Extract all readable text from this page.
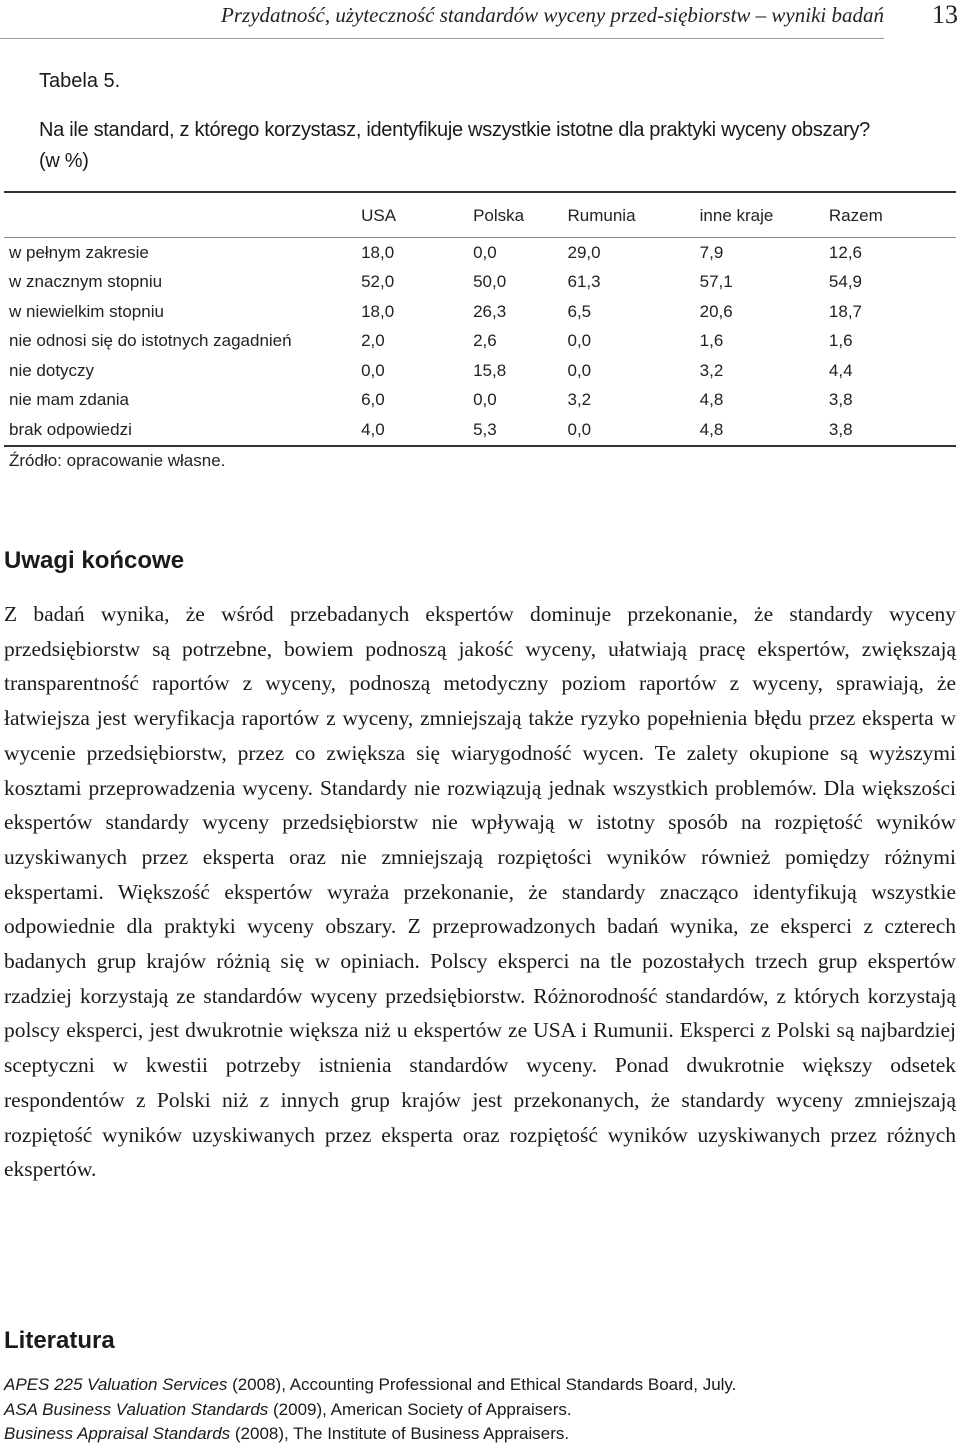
Przydatność, użyteczność standardów wyceny przed-siębiorstw – wyniki badań 13
Tabela 5.
Na ile standard, z którego korzystasz, identyfikuje wszystkie istotne dla praktyki wyceny obszary?
(w %)
	USA	Polska	Rumunia	inne kraje	Razem
w pełnym zakresie	18,0	0,0	29,0	7,9	12,6
w znacznym stopniu	52,0	50,0	61,3	57,1	54,9
w niewielkim stopniu	18,0	26,3	6,5	20,6	18,7
nie odnosi się do istotnych zagadnień	2,0	2,6	0,0	1,6	1,6
nie dotyczy	0,0	15,8	0,0	3,2	4,4
nie mam zdania	6,0	0,0	3,2	4,8	3,8
brak odpowiedzi	4,0	5,3	0,0	4,8	3,8
Źródło: opracowanie własne.
Uwagi końcowe

Z badań wynika, że wśród przebadanych ekspertów dominuje przekonanie, że standardy wyceny przedsiębiorstw są potrzebne, bowiem podnoszą jakość wyceny, ułatwiają pracę ekspertów, zwiększają transparentność raportów z wyceny, podnoszą metodyczny poziom raportów z wyceny, sprawiają, że łatwiejsza jest weryfikacja raportów z wyceny, zmniejszają także ryzyko popełnienia błędu przez eksperta w wycenie przedsiębiorstw, przez co zwiększa się wiarygodność wycen. Te zalety okupione są wyższymi kosztami przeprowadzenia wyceny. Standardy nie rozwiązują jednak wszystkich problemów. Dla większości ekspertów standardy wyceny przedsiębiorstw nie wpływają w istotny sposób na rozpiętość wyników uzyskiwanych przez eksperta oraz nie zmniejszają rozpiętości wyników również pomiędzy różnymi ekspertami. Większość ekspertów wyraża przekonanie, że standardy znacząco identyfikują wszystkie odpowiednie dla praktyki wyceny obszary. Z przeprowadzonych badań wynika, ze eksperci z czterech badanych grup krajów różnią się w opiniach. Polscy eksperci na tle pozostałych trzech grup ekspertów rzadziej korzystają ze standardów wyceny przedsiębiorstw. Różnorodność standardów, z których korzystają polscy eksperci, jest dwukrotnie większa niż u ekspertów ze USA i Rumunii. Eksperci z Polski są najbardziej sceptyczni w kwestii potrzeby istnienia standardów wyceny. Ponad dwukrotnie większy odsetek respondentów z Polski niż z innych grup krajów jest przekonanych, że standardy wyceny zmniejszają rozpiętość wyników uzyskiwanych przez eksperta oraz rozpiętość wyników uzyskiwanych przez różnych ekspertów.

Literatura
APES 225 Valuation Services (2008), Accounting Professional and Ethical Standards Board, July.
ASA Business Valuation Standards (2009), American Society of Appraisers.
Business Appraisal Standards (2008), The Institute of Business Appraisers.
